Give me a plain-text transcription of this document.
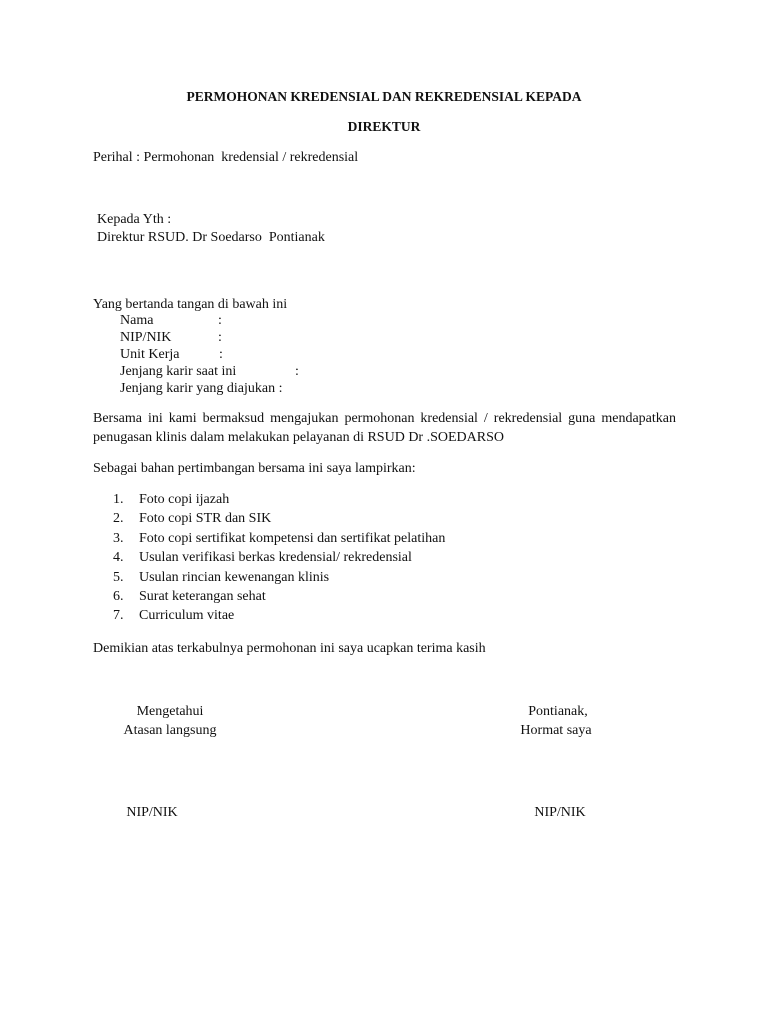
PERMOHONAN KREDENSIAL DAN REKREDENSIAL KEPADA
DIREKTUR
Perihal : Permohonan  kredensial / rekredensial
Kepada Yth :
Direktur RSUD. Dr Soedarso  Pontianak
Yang bertanda tangan di bawah ini
Nama	:
NIP/NIK	:
Unit Kerja	:
Jenjang karir saat ini	:
Jenjang karir yang diajukan :
Bersama ini kami bermaksud mengajukan permohonan kredensial / rekredensial guna mendapatkan penugasan klinis dalam melakukan pelayanan di RSUD Dr .SOEDARSO
Sebagai bahan pertimbangan bersama ini saya lampirkan:
1. Foto copi ijazah
2. Foto copi STR dan SIK
3. Foto copi sertifikat kompetensi dan sertifikat pelatihan
4. Usulan verifikasi berkas kredensial/ rekredensial
5. Usulan rincian kewenangan klinis
6. Surat keterangan sehat
7. Curriculum vitae
Demikian atas terkabulnya permohonan ini saya ucapkan terima kasih
Mengetahui
Atasan langsung
NIP/NIK
Pontianak,
Hormat saya
NIP/NIK
